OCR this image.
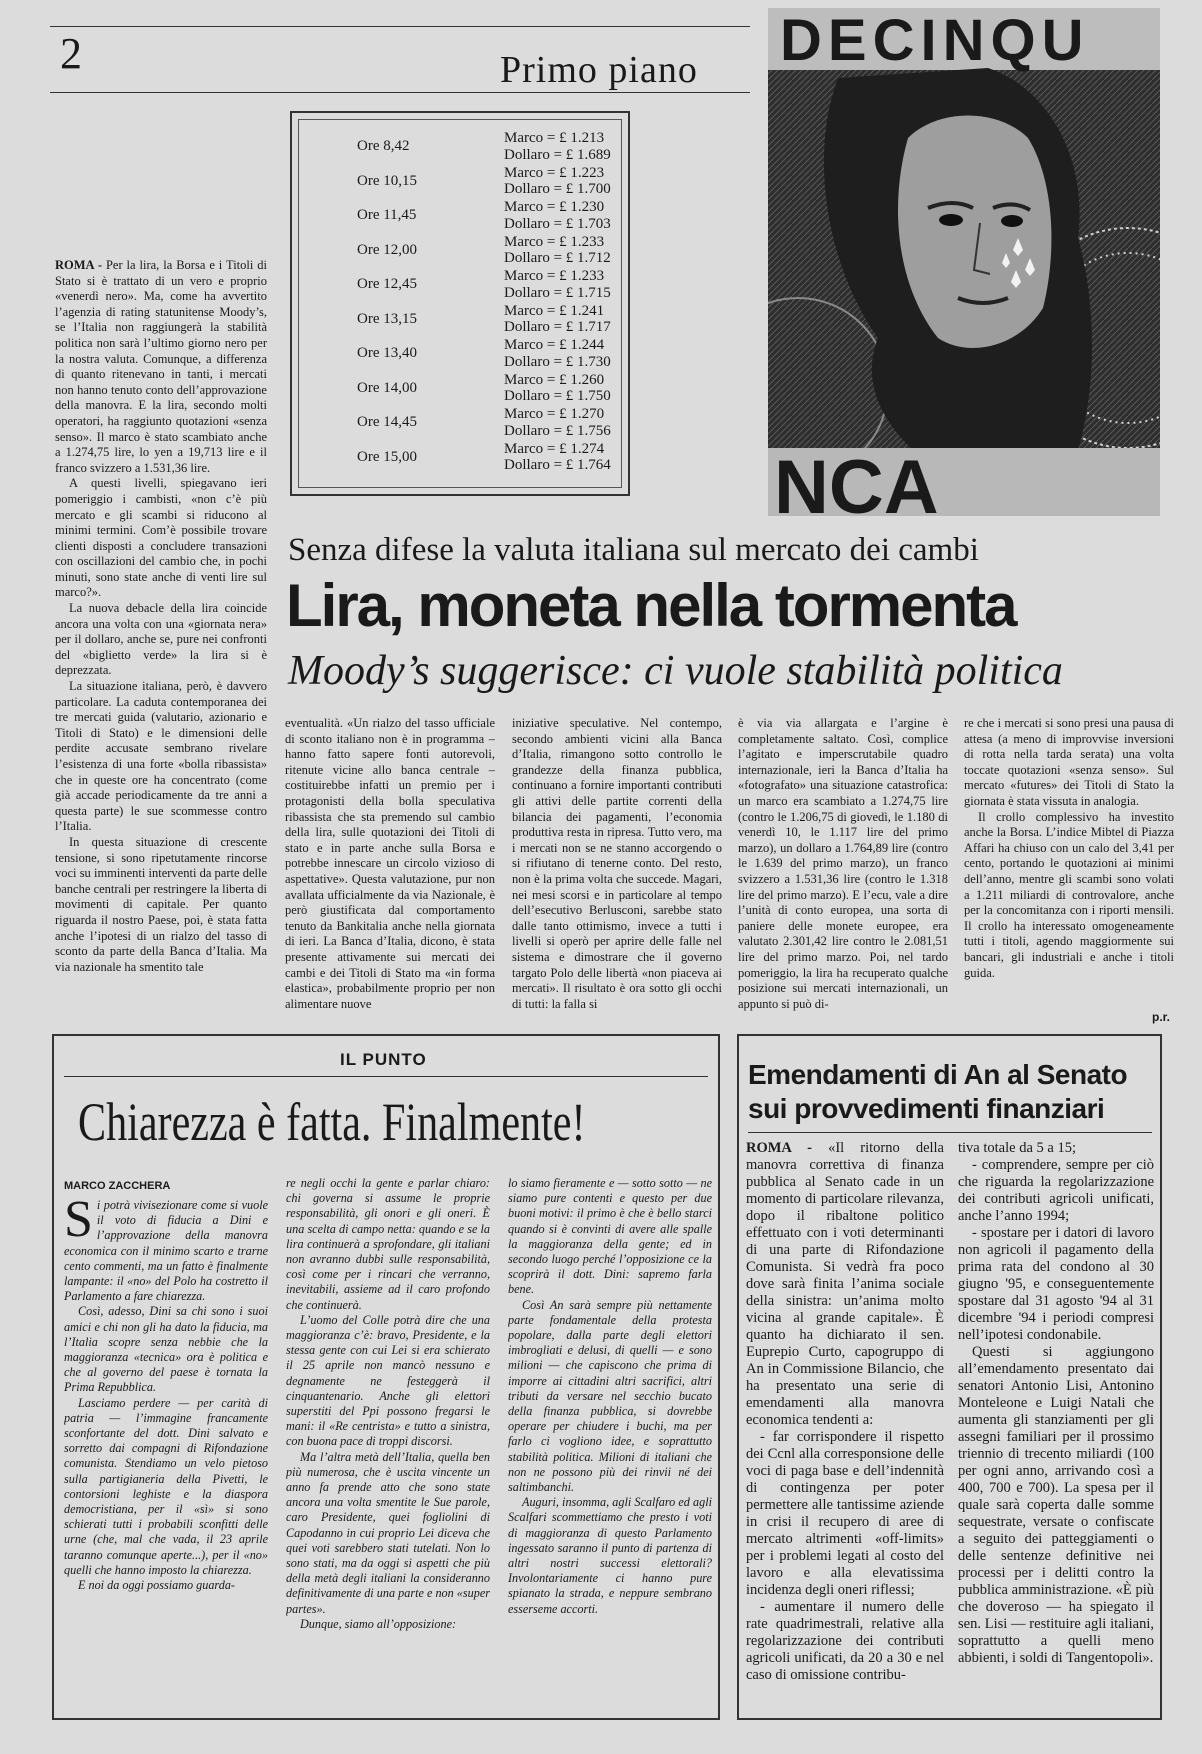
2	Primo piano
Ore 8,42	Marco = £ 1.213
Dollaro = £ 1.689
Ore 10,15	Marco = £ 1.223
Dollaro = £ 1.700
Ore 11,45	Marco = £ 1.230
Dollaro = £ 1.703
Ore 12,00	Marco = £ 1.233
Dollaro = £ 1.712
Ore 12,45	Marco = £ 1.233
Dollaro = £ 1.715
Ore 13,15	Marco = £ 1.241
Dollaro = £ 1.717
Ore 13,40	Marco = £ 1.244
Dollaro = £ 1.730
Ore 14,00	Marco = £ 1.260
Dollaro = £ 1.750
Ore 14,45	Marco = £ 1.270
Dollaro = £ 1.756
Ore 15,00	Marco = £ 1.274
Dollaro = £ 1.764
DECINQU
NCA

ROMA - Per la lira, la Borsa e i Titoli di Stato si è trattato di un vero e proprio «venerdì nero». Ma, come ha avvertito l’agenzia di rating statunitense Moody’s, se l’Italia non raggiungerà la stabilità politica non sarà l’ultimo giorno nero per la nostra valuta. Comunque, a differenza di quanto ritenevano in tanti, i mercati non hanno tenuto conto dell’approvazione della manovra. E la lira, secondo molti operatori, ha raggiunto quotazioni «senza senso». Il marco è stato scambiato anche a 1.274,75 lire, lo yen a 19,713 lire e il franco svizzero a 1.531,36 lire.

A questi livelli, spiegavano ieri pomeriggio i cambisti, «non c’è più mercato e gli scambi si riducono al minimi termini. Com’è possibile trovare clienti disposti a concludere transazioni con oscillazioni del cambio che, in pochi minuti, sono state anche di venti lire sul marco?».

La nuova debacle della lira coincide ancora una volta con una «giornata nera» per il dollaro, anche se, pure nei confronti del «biglietto verde» la lira si è deprezzata.

La situazione italiana, però, è davvero particolare. La caduta contemporanea dei tre mercati guida (valutario, azionario e Titoli di Stato) e le dimensioni delle perdite accusate sembrano rivelare l’esistenza di una forte «bolla ribassista» che in queste ore ha concentrato (come già accade periodicamente da tre anni a questa parte) le sue scommesse contro l’Italia.

In questa situazione di crescente tensione, si sono ripetutamente rincorse voci su imminenti interventi da parte delle banche centrali per restringere la liberta di movimenti di capitale. Per quanto riguarda il nostro Paese, poi, è stata fatta anche l’ipotesi di un rialzo del tasso di sconto da parte della Banca d’Italia. Ma via nazionale ha smentito tale

Senza difese la valuta italiana sul mercato dei cambi
Lira, moneta nella tormenta
Moody’s suggerisce: ci vuole stabilità politica

eventualità. «Un rialzo del tasso ufficiale di sconto italiano non è in programma – hanno fatto sapere fonti autorevoli, ritenute vicine allo banca centrale – costituirebbe infatti un premio per i protagonisti della bolla speculativa ribassista che sta premendo sul cambio della lira, sulle quotazioni dei Titoli di stato e in parte anche sulla Borsa e potrebbe innescare un circolo vizioso di aspettative». Questa valutazione, pur non avallata ufficialmente da via Nazionale, è però giustificata dal comportamento tenuto da Bankitalia anche nella giornata di ieri. La Banca d’Italia, dicono, è stata presente attivamente sui mercati dei cambi e dei Titoli di Stato ma «in forma elastica», probabilmente proprio per non alimentare nuove

iniziative speculative. Nel contempo, secondo ambienti vicini alla Banca d’Italia, rimangono sotto controllo le grandezze della finanza pubblica, continuano a fornire importanti contributi gli attivi delle partite correnti della bilancia dei pagamenti, l’economia produttiva resta in ripresa. Tutto vero, ma i mercati non se ne stanno accorgendo o si rifiutano di tenerne conto. Del resto, non è la prima volta che succede. Magari, nei mesi scorsi e in particolare al tempo dell’esecutivo Berlusconi, sarebbe stato dalle tanto ottimismo, invece a tutti i livelli si operò per aprire delle falle nel sistema e dimostrare che il governo targato Polo delle libertà «non piaceva ai mercati». Il risultato è ora sotto gli occhi di tutti: la falla si

è via via allargata e l’argine è completamente saltato. Così, complice l’agitato e imperscrutabile quadro internazionale, ieri la Banca d’Italia ha «fotografato» una situazione catastrofica: un marco era scambiato a 1.274,75 lire (contro le 1.206,75 di giovedì, le 1.180 di venerdì 10, le 1.117 lire del primo marzo), un dollaro a 1.764,89 lire (contro le 1.639 del primo marzo), un franco svizzero a 1.531,36 lire (contro le 1.318 lire del primo marzo). E l’ecu, vale a dire l’unità di conto europea, una sorta di paniere delle monete europee, era valutato 2.301,42 lire contro le 2.081,51 lire del primo marzo. Poi, nel tardo pomeriggio, la lira ha recuperato qualche posizione sui mercati internazionali, un appunto si può di-

re che i mercati si sono presi una pausa di attesa (a meno di improvvise inversioni di rotta nella tarda serata) una volta toccate quotazioni «senza senso». Sul mercato «futures» dei Titoli di Stato la giornata è stata vissuta in analogia.

Il crollo complessivo ha investito anche la Borsa. L’indice Mibtel di Piazza Affari ha chiuso con un calo del 3,41 per cento, portando le quotazioni ai minimi dell’anno, mentre gli scambi sono volati a 1.211 miliardi di controvalore, anche per la concomitanza con i riporti mensili. Il crollo ha interessato omogeneamente tutti i titoli, agendo maggiormente sui bancari, gli industriali e anche i titoli guida.

p.r.
IL PUNTO
Chiarezza è fatta. Finalmente!
MARCO ZACCHERA

Si potrà vivisezionare come si vuole il voto di fiducia a Dini e l’approvazione della manovra economica con il minimo scarto e trarne cento commenti, ma un fatto è finalmente lampante: il «no» del Polo ha costretto il Parlamento a fare chiarezza.

Così, adesso, Dini sa chi sono i suoi amici e chi non gli ha dato la fiducia, ma l’Italia scopre senza nebbie che la maggioranza «tecnica» ora è politica e che al governo del paese è tornata la Prima Repubblica.

Lasciamo perdere — per carità di patria — l’immagine francamente sconfortante del dott. Dini salvato e sorretto dai compagni di Rifondazione comunista. Stendiamo un velo pietoso sulla partigianeria della Pivetti, le contorsioni leghiste e la diaspora democristiana, per il «sì» si sono schierati tutti i probabili sconfitti delle urne (che, mal che vada, il 23 aprile taranno comunque aperte...), per il «no» quelli che hanno imposto la chiarezza.

E noi da oggi possiamo guarda-

re negli occhi la gente e parlar chiaro: chi governa si assume le proprie responsabilità, gli onori e gli oneri. È una scelta di campo netta: quando e se la lira continuerà a sprofondare, gli italiani non avranno dubbi sulle responsabilità, così come per i rincari che verranno, inevitabili, assieme ad il caro profondo che continuerà.

L’uomo del Colle potrà dire che una maggioranza c’è: bravo, Presidente, e la stessa gente con cui Lei si era schierato il 25 aprile non mancò nessuno e degnamente ne festeggerà il cinquantenario. Anche gli elettori superstiti del Ppi possono fregarsi le mani: il «Re centrista» e tutto a sinistra, con buona pace di troppi discorsi.

Ma l’altra metà dell’Italia, quella ben più numerosa, che è uscita vincente un anno fa prende atto che sono state ancora una volta smentite le Sue parole, caro Presidente, quei fogliolini di Capodanno in cui proprio Lei diceva che quei voti sarebbero stati tutelati. Non lo sono stati, ma da oggi si aspetti che più della metà degli italiani la consideranno definitivamente di una parte e non «super partes».

Dunque, siamo all’opposizione:

lo siamo fieramente e — sotto sotto — ne siamo pure contenti e questo per due buoni motivi: il primo è che è bello starci quando si è convinti di avere alle spalle la maggioranza della gente; ed in secondo luogo perché l’opposizione ce la scoprirà il dott. Dini: sapremo farla bene.

Così An sarà sempre più nettamente parte fondamentale della protesta popolare, dalla parte degli elettori imbrogliati e delusi, di quelli — e sono milioni — che capiscono che prima di imporre ai cittadini altri sacrifici, altri tributi da versare nel secchio bucato della finanza pubblica, si dovrebbe operare per chiudere i buchi, ma per farlo ci vogliono idee, e soprattutto stabilità politica. Milioni di italiani che non ne possono più dei rinvii né dei saltimbanchi.

Auguri, insomma, agli Scalfaro ed agli Scalfari scommettiamo che presto i voti di maggioranza di questo Parlamento ingessato saranno il punto di partenza di altri nostri successi elettorali? Involontariamente ci hanno pure spianato la strada, e neppure sembrano esserseme accorti.

Emendamenti di An al Senato
sui provvedimenti finanziari

ROMA - «Il ritorno della manovra correttiva di finanza pubblica al Senato cade in un momento di particolare rilevanza, dopo il ribaltone politico effettuato con i voti determinanti di una parte di Rifondazione Comunista. Si vedrà fra poco dove sarà finita l’anima sociale della sinistra: un’anima molto vicina al grande capitale». È quanto ha dichiarato il sen. Euprepio Curto, capogruppo di An in Commissione Bilancio, che ha presentato una serie di emendamenti alla manovra economica tendenti a:

- far corrispondere il rispetto dei Ccnl alla corresponsione delle voci di paga base e dell’indennità di contingenza per poter permettere alle tantissime aziende in crisi il recupero di aree di mercato altrimenti «off-limits» per i problemi legati al costo del lavoro e alla elevatissima incidenza degli oneri riflessi;

- aumentare il numero delle rate quadrimestrali, relative alla regolarizzazione dei contributi agricoli unificati, da 20 a 30 e nel caso di omissione contribu-

tiva totale da 5 a 15;

- comprendere, sempre per ciò che riguarda la regolarizzazione dei contributi agricoli unificati, anche l’anno 1994;

- spostare per i datori di lavoro non agricoli il pagamento della prima rata del condono al 30 giugno '95, e conseguentemente spostare dal 31 agosto '94 al 31 dicembre '94 i periodi compresi nell’ipotesi condonabile.

Questi si aggiungono all’emendamento presentato dai senatori Antonio Lisi, Antonino Monteleone e Luigi Natali che aumenta gli stanziamenti per gli assegni familiari per il prossimo triennio di trecento miliardi (100 per ogni anno, arrivando così a 400, 700 e 700). La spesa per il quale sarà coperta dalle somme sequestrate, versate o confiscate a seguito dei patteggiamenti o delle sentenze definitive nei processi per i delitti contro la pubblica amministrazione. «È più che doveroso — ha spiegato il sen. Lisi — restituire agli italiani, soprattutto a quelli meno abbienti, i soldi di Tangentopoli».
